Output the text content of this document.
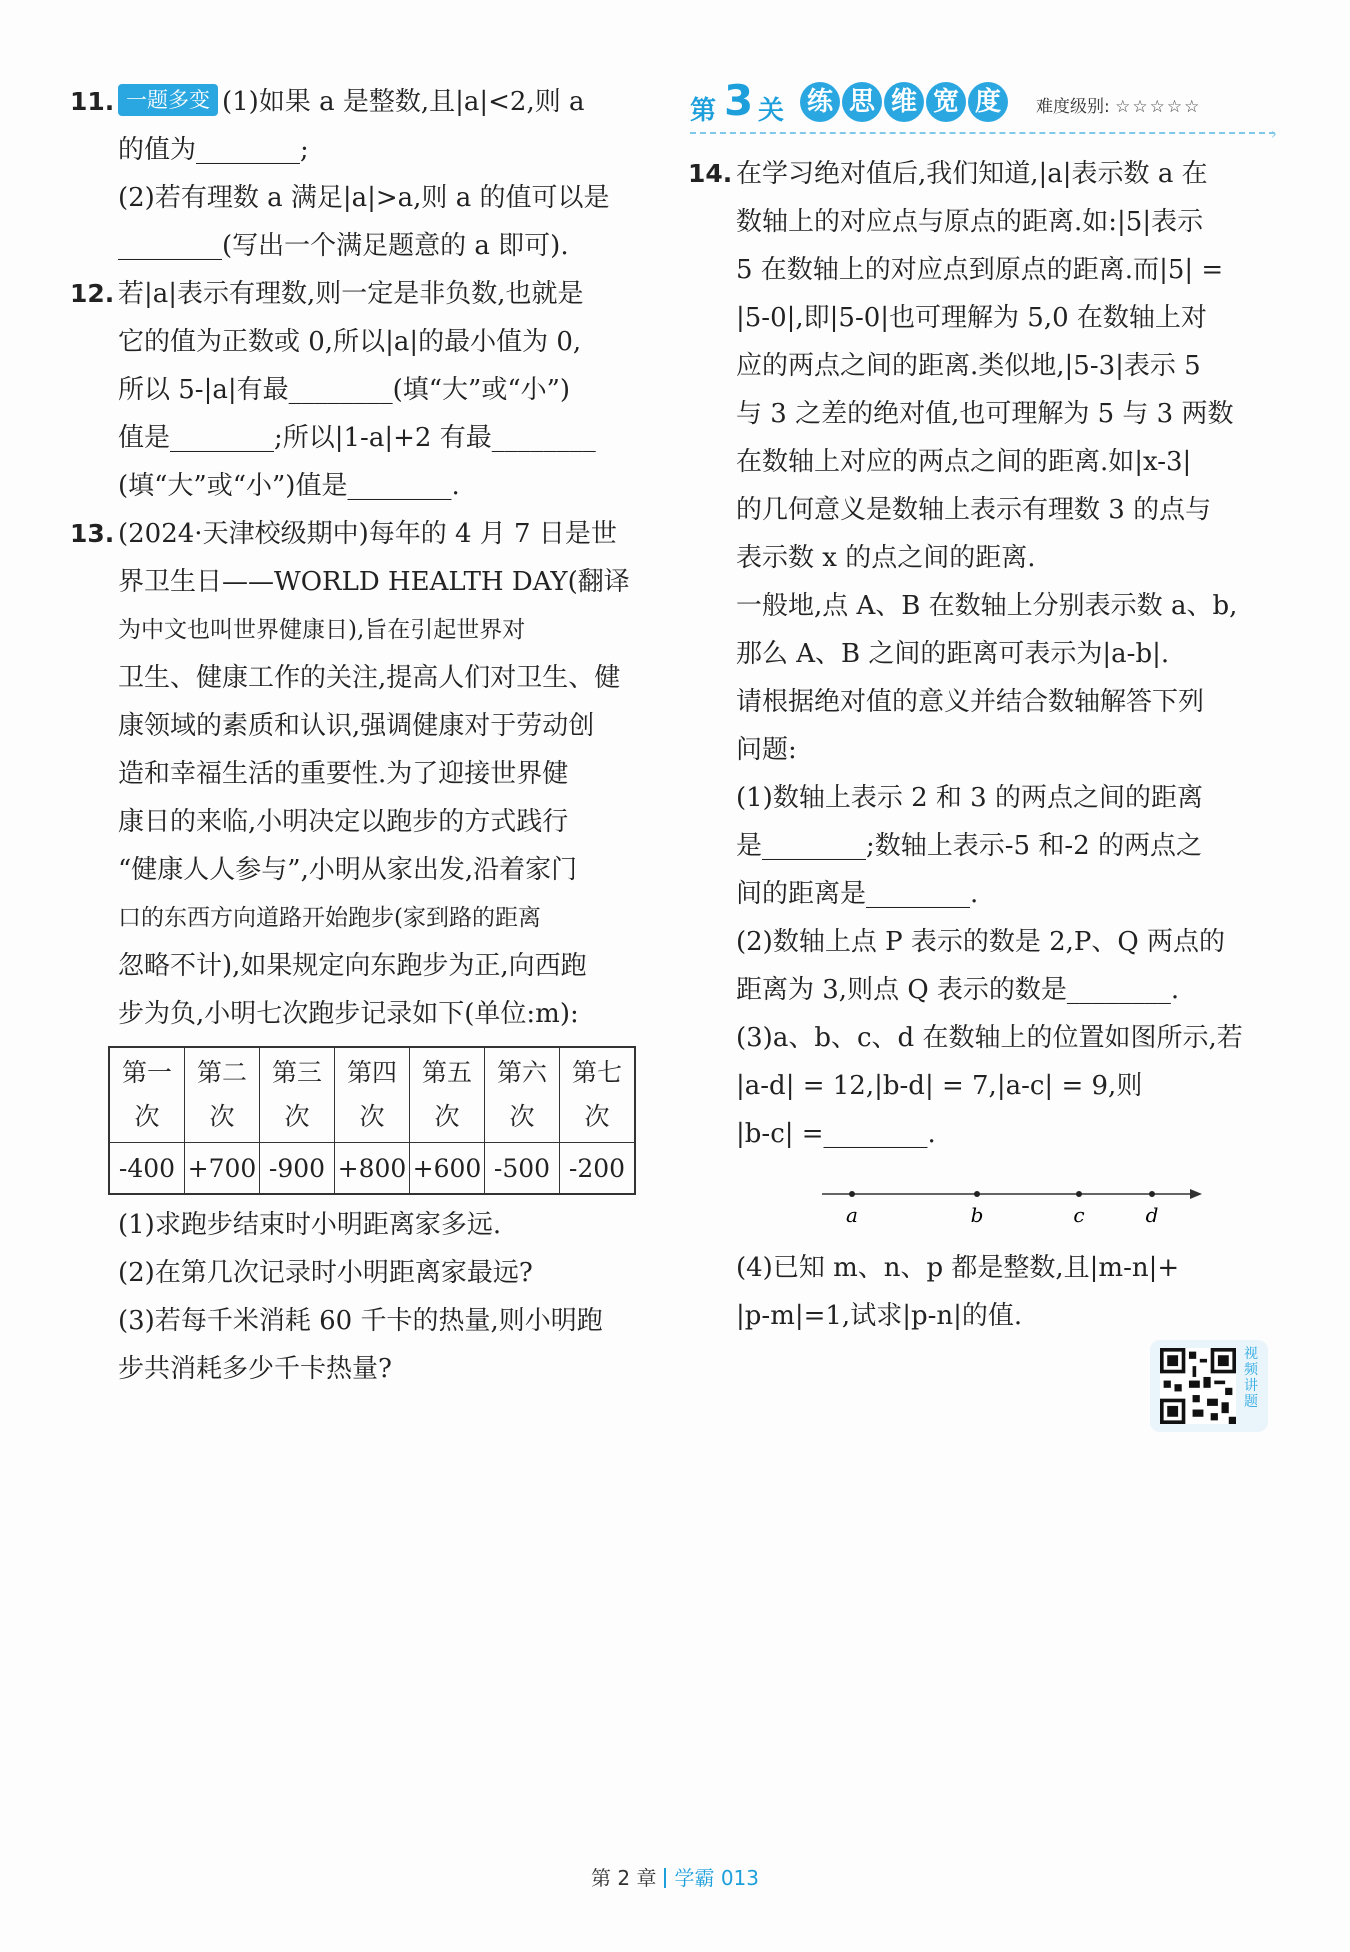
11. 一题多变 (1)如果 a 是整数,且|a|<2,则 a
的值为________;
(2)若有理数 a 满足|a|>a,则 a 的值可以是
________(写出一个满足题意的 a 即可).
12. 若|a|表示有理数,则一定是非负数,也就是
它的值为正数或 0,所以|a|的最小值为 0,
所以 5-|a|有最________(填“大”或“小”)
值是________;所以|1-a|+2 有最________
(填“大”或“小”)值是________.
13. (2024·天津校级期中)每年的 4 月 7 日是世
界卫生日——WORLD HEALTH DAY(翻译
为中文也叫世界健康日),旨在引起世界对
卫生、健康工作的关注,提高人们对卫生、健
康领域的素质和认识,强调健康对于劳动创
造和幸福生活的重要性.为了迎接世界健
康日的来临,小明决定以跑步的方式践行
“健康人人参与”,小明从家出发,沿着家门
口的东西方向道路开始跑步(家到路的距离
忽略不计),如果规定向东跑步为正,向西跑
步为负,小明七次跑步记录如下(单位:m):
第一次	第二次	第三次	第四次	第五次	第六次	第七次
-400	+700	-900	+800	+600	-500	-200
(1)求跑步结束时小明距离家多远.
(2)在第几次记录时小明距离家最远?
(3)若每千米消耗 60 千卡的热量,则小明跑
步共消耗多少千卡热量?
第 3 关 练 思 维 宽 度	难度级别: ☆☆☆☆☆
›
14. 在学习绝对值后,我们知道,|a|表示数 a 在
数轴上的对应点与原点的距离.如:|5|表示
5 在数轴上的对应点到原点的距离.而|5| =
|5-0|,即|5-0|也可理解为 5,0 在数轴上对
应的两点之间的距离.类似地,|5-3|表示 5
与 3 之差的绝对值,也可理解为 5 与 3 两数
在数轴上对应的两点之间的距离.如|x-3|
的几何意义是数轴上表示有理数 3 的点与
表示数 x 的点之间的距离.
一般地,点 A、B 在数轴上分别表示数 a、b,
那么 A、B 之间的距离可表示为|a-b|.
请根据绝对值的意义并结合数轴解答下列
问题:
(1)数轴上表示 2 和 3 的两点之间的距离
是________;数轴上表示-5 和-2 的两点之
间的距离是________.
(2)数轴上点 P 表示的数是 2,P、Q 两点的
距离为 3,则点 Q 表示的数是________.
(3)a、b、c、d 在数轴上的位置如图所示,若
|a-d| = 12,|b-d| = 7,|a-c| = 9,则
|b-c| =________.
(4)已知 m、n、p 都是整数,且|m-n|+
|p-m|=1,试求|p-n|的值.
a	b	c	d
视频讲题
第 2 章 学霸 013
